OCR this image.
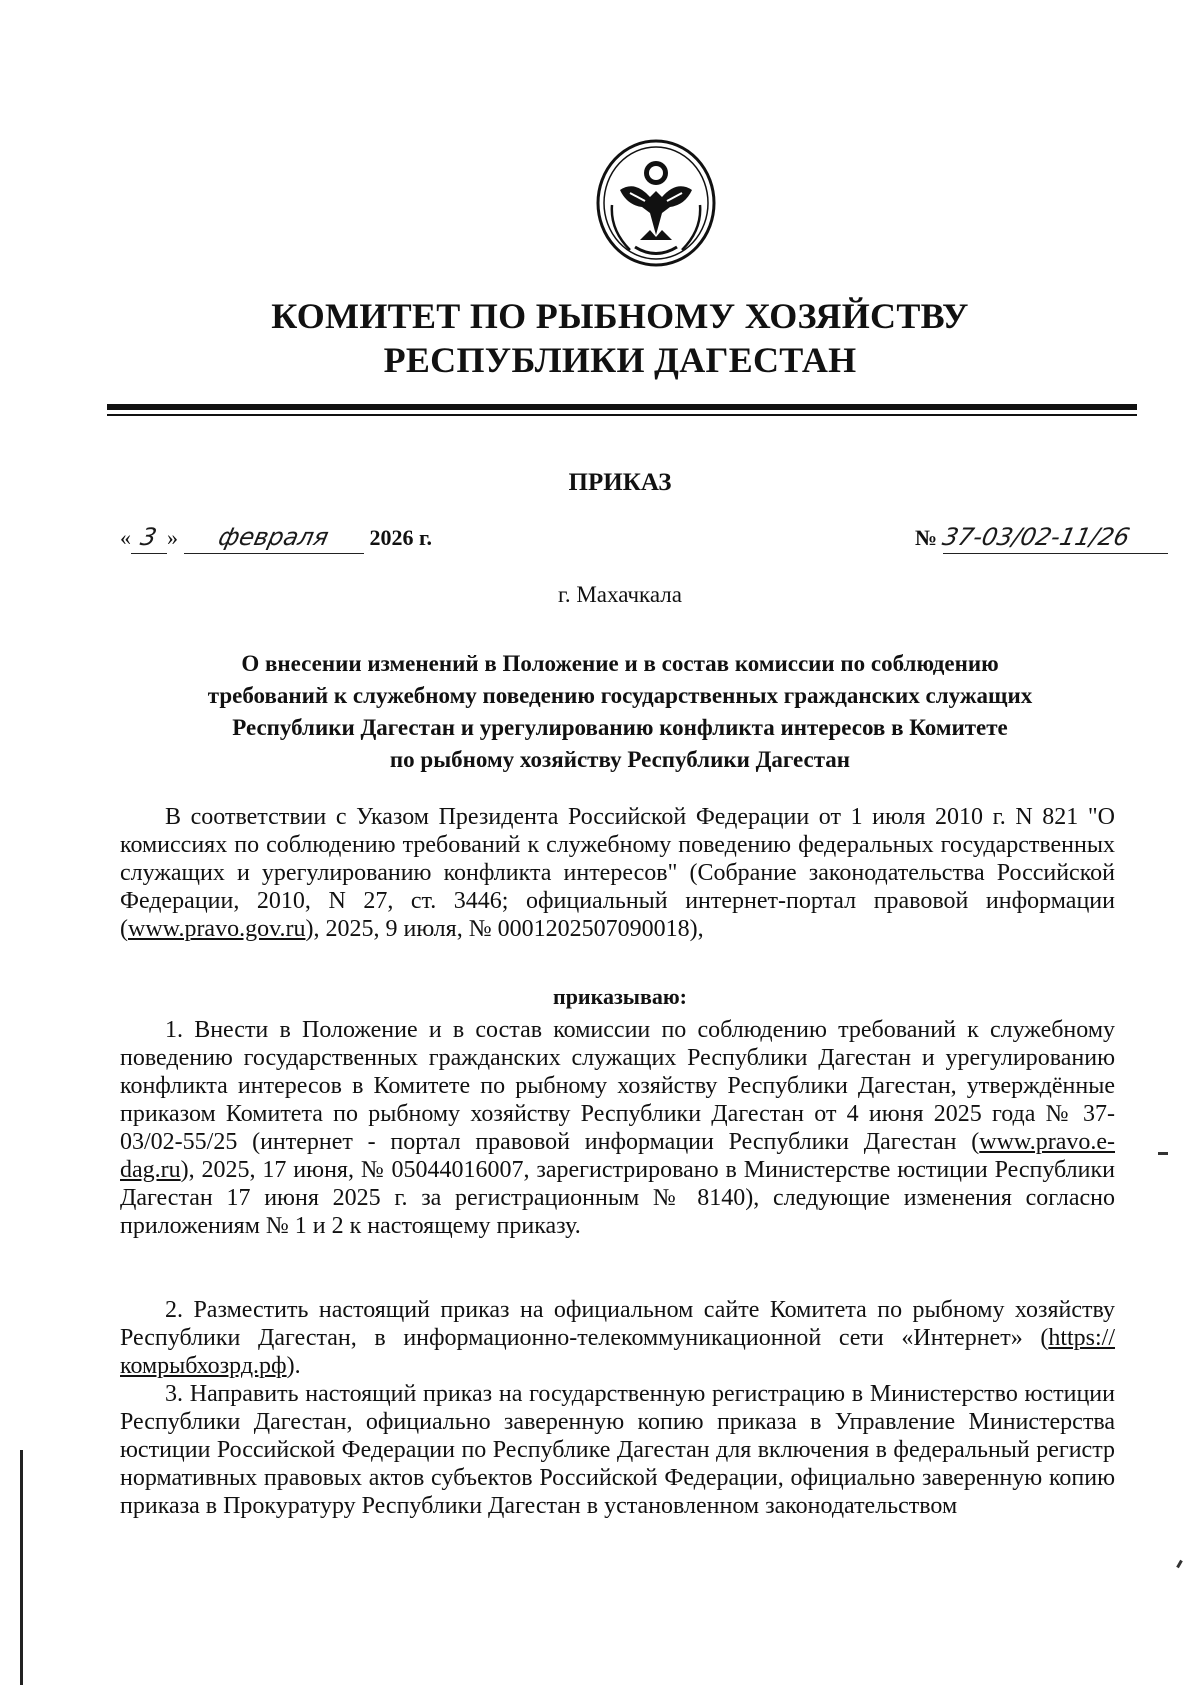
КОМИТЕТ ПО РЫБНОМУ ХОЗЯЙСТВУ
РЕСПУБЛИКИ ДАГЕСТАН
ПРИКАЗ
« 3 » февраля 2026 г.	№ 37-03/02-11/26
г. Махачкала
О внесении изменений в Положение и в состав комиссии по соблюдению
требований к служебному поведению государственных гражданских служащих
Республики Дагестан и урегулированию конфликта интересов в Комитете
по рыбному хозяйству Республики Дагестан
В соответствии с Указом Президента Российской Федерации от 1 июля 2010 г. N 821 "О комиссиях по соблюдению требований к служебному поведению федеральных государственных служащих и урегулированию конфликта интересов" (Собрание законодательства Российской Федерации, 2010, N 27, ст. 3446; официальный интернет-портал правовой информации (www.pravo.gov.ru), 2025, 9 июля, № 0001202507090018),
приказываю:
1. Внести в Положение и в состав комиссии по соблюдению требований к служебному поведению государственных гражданских служащих Республики Дагестан и урегулированию конфликта интересов в Комитете по рыбному хозяйству Республики Дагестан, утверждённые приказом Комитета по рыбному хозяйству Республики Дагестан от 4 июня 2025 года № 37-03/02-55/25 (интернет - портал правовой информации Республики Дагестан (www.pravo.e-dag.ru), 2025, 17 июня, № 05044016007, зарегистрировано в Министерстве юстиции Республики Дагестан 17 июня 2025 г. за регистрационным № 8140), следующие изменения согласно приложениям № 1 и 2 к настоящему приказу.
2. Разместить настоящий приказ на официальном сайте Комитета по рыбному хозяйству Республики Дагестан, в информационно-телекоммуникационной сети «Интернет» (https://комрыбхозрд.рф).
3. Направить настоящий приказ на государственную регистрацию в Министерство юстиции Республики Дагестан, официально заверенную копию приказа в Управление Министерства юстиции Российской Федерации по Республике Дагестан для включения в федеральный регистр нормативных правовых актов субъектов Российской Федерации, официально заверенную копию приказа в Прокуратуру Республики Дагестан в установленном законодательством
